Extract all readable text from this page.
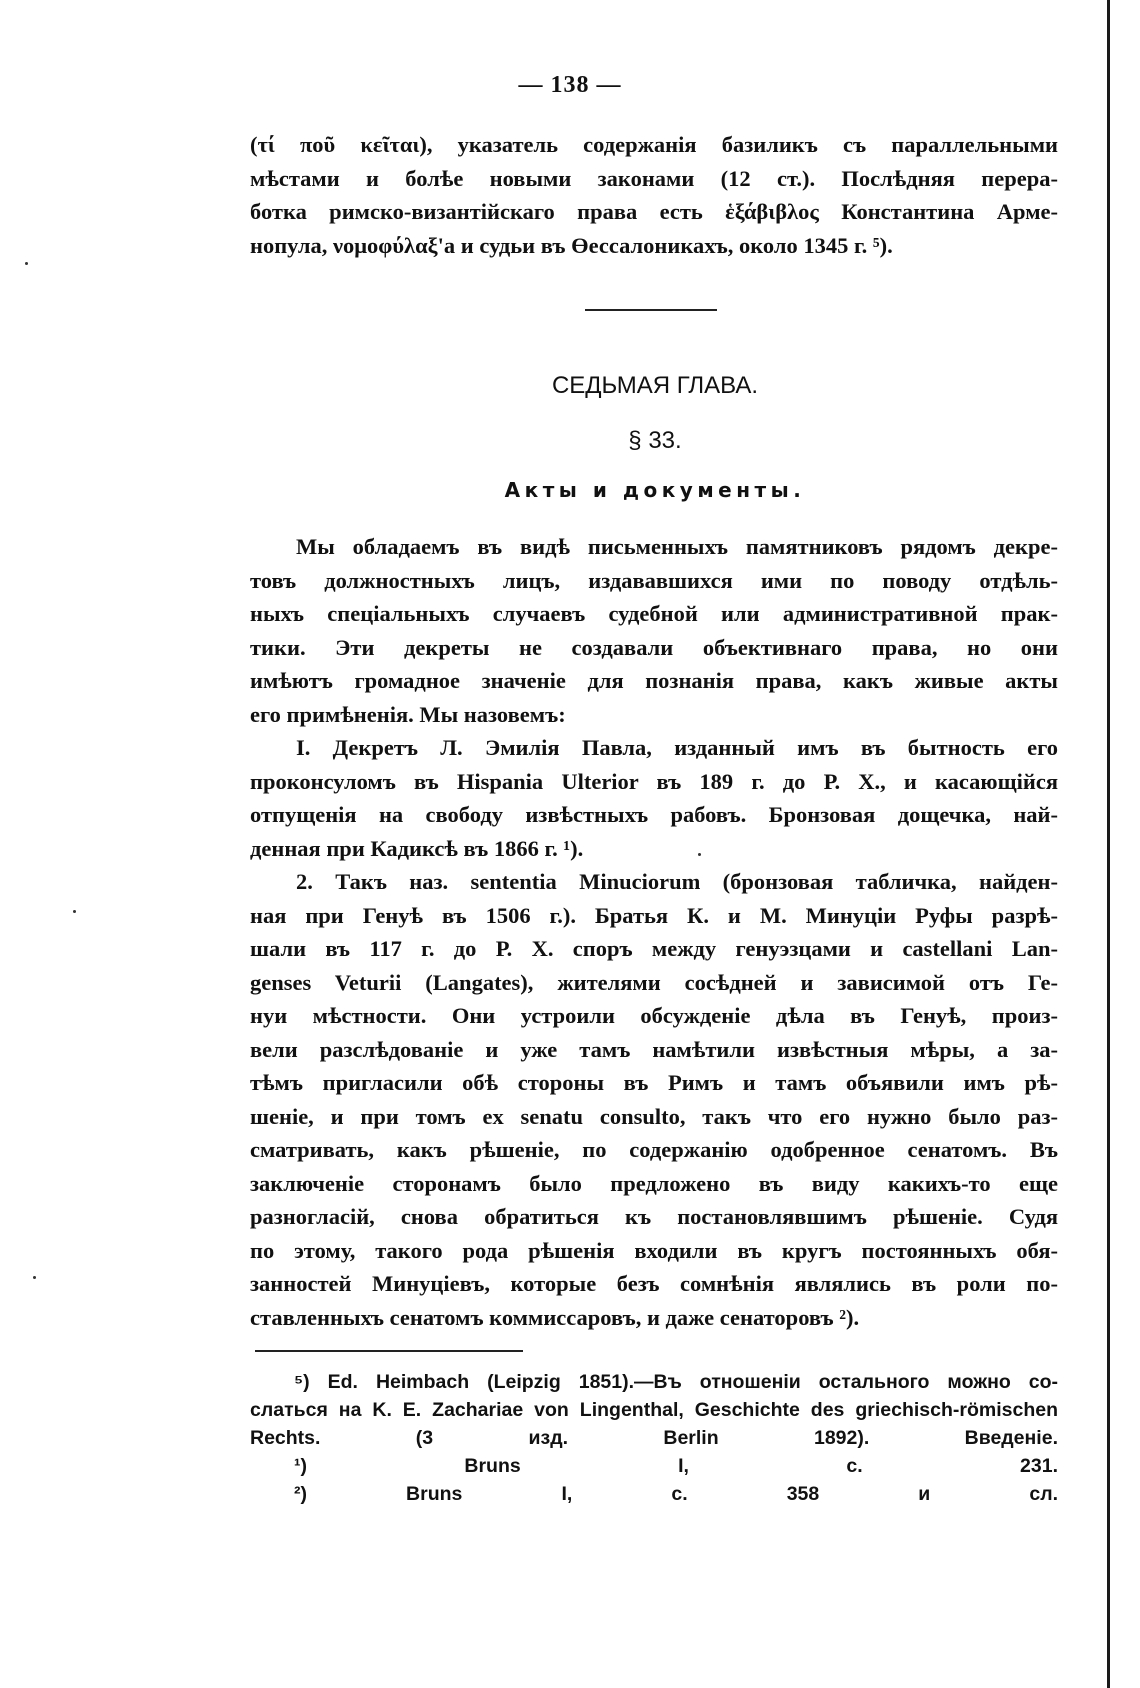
— 138 —
(τί ποῦ κεῖται), указатель содержанія базиликъ съ параллельными
мѣстами и болѣе новыми законами (12 ст.). Послѣдняя перера-
ботка римско-византійскаго права есть ἑξάβιβλος Константина Арме-
нопула, νομοφύλαξ'а и судьи въ Өессалоникахъ, около 1345 г. ⁵).
СЕДЬМАЯ ГЛАВА.
§ 33.
Акты и документы.
Мы обладаемъ въ видѣ письменныхъ памятниковъ рядомъ декре-
товъ должностныхъ лицъ, издававшихся ими по поводу отдѣль-
ныхъ спеціальныхъ случаевъ судебной или административной прак-
тики. Эти декреты не создавали объективнаго права, но они
имѣютъ громадное значеніе для познанія права, какъ живые акты
его примѣненія. Мы назовемъ:
I. Декретъ Л. Эмилія Павла, изданный имъ въ бытность его
проконсуломъ въ Hispania Ulterior въ 189 г. до Р. Х., и касающійся
отпущенія на свободу извѣстныхъ рабовъ. Бронзовая дощечка, най-
денная при Кадиксѣ въ 1866 г. ¹).
2. Такъ наз. sententia Minuciorum (бронзовая табличка, найден-
ная при Генуѣ въ 1506 г.). Братья К. и М. Минуціи Руфы разрѣ-
шали въ 117 г. до Р. Х. споръ между генуэзцами и castellani Lan-
genses Veturii (Langates), жителями сосѣдней и зависимой отъ Ге-
нуи мѣстности. Они устроили обсужденіе дѣла въ Генуѣ, произ-
вели разслѣдованіе и уже тамъ намѣтили извѣстныя мѣры, а за-
тѣмъ пригласили обѣ стороны въ Римъ и тамъ объявили имъ рѣ-
шеніе, и при томъ ex senatu consulto, такъ что его нужно было раз-
сматривать, какъ рѣшеніе, по содержанію одобренное сенатомъ. Въ
заключеніе сторонамъ было предложено въ виду какихъ-то еще
разногласій, снова обратиться къ постановлявшимъ рѣшеніе. Судя
по этому, такого рода рѣшенія входили въ кругъ постоянныхъ обя-
занностей Минуціевъ, которые безъ сомнѣнія являлись въ роли по-
ставленныхъ сенатомъ коммиссаровъ, и даже сенаторовъ ²).
⁵) Ed. Heimbach (Leipzig 1851).—Въ отношеніи остального можно со-
слаться на K. E. Zachariae von Lingenthal, Geschichte des griechisch-römischen
Rechts. (3 изд. Berlin 1892). Введеніе.
¹) Bruns I, с. 231.
²) Bruns I, с. 358 и сл.
